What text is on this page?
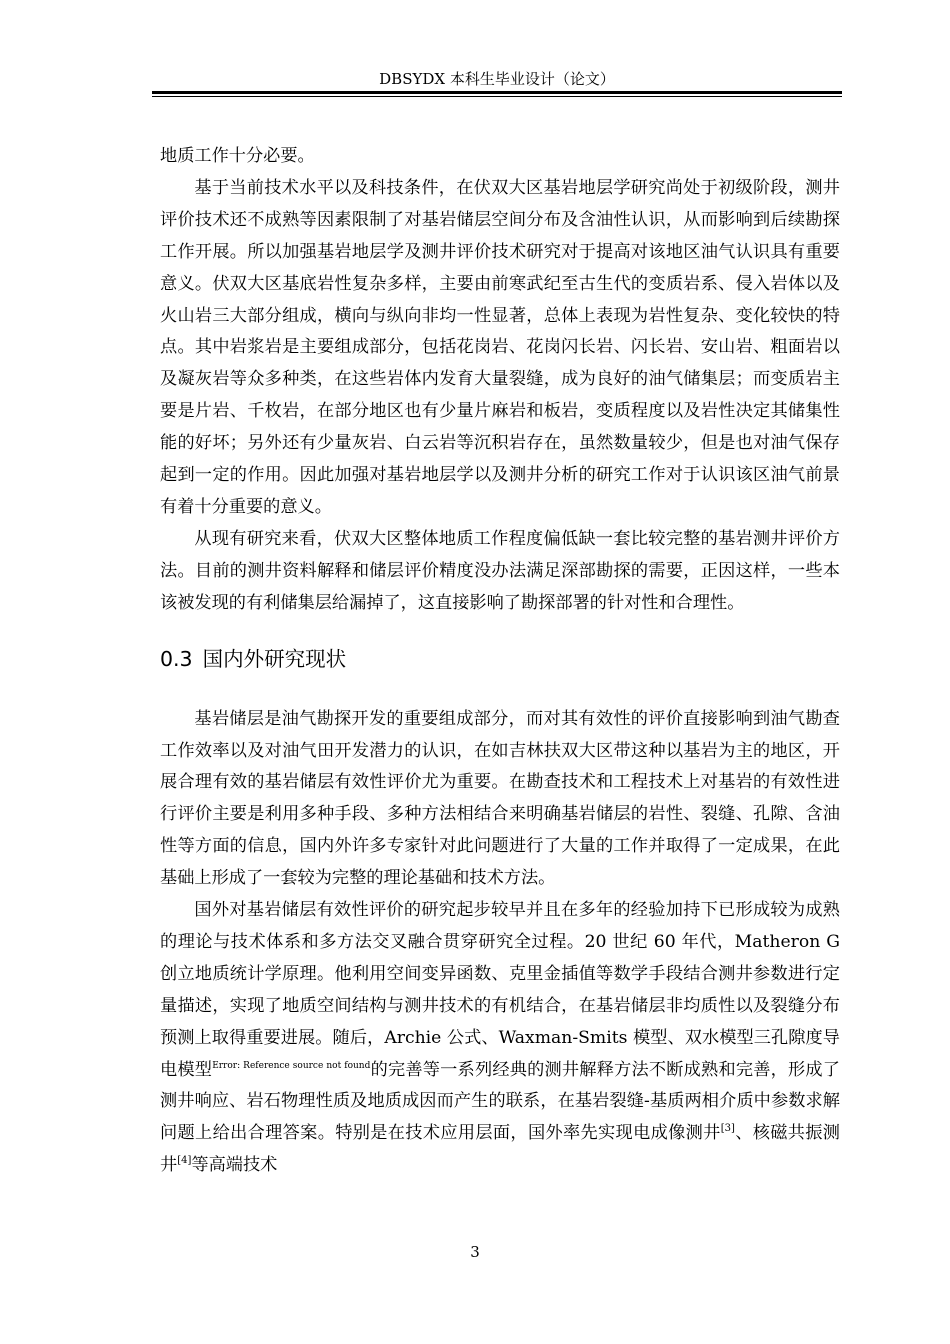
DBSYDX 本科生毕业设计（论文）

地质工作十分必要。

基于当前技术水平以及科技条件，在伏双大区基岩地层学研究尚处于初级阶段，测井评价技术还不成熟等因素限制了对基岩储层空间分布及含油性认识，从而影响到后续勘探工作开展。所以加强基岩地层学及测井评价技术研究对于提高对该地区油气认识具有重要意义。伏双大区基底岩性复杂多样，主要由前寒武纪至古生代的变质岩系、侵入岩体以及火山岩三大部分组成，横向与纵向非均一性显著，总体上表现为岩性复杂、变化较快的特点。其中岩浆岩是主要组成部分，包括花岗岩、花岗闪长岩、闪长岩、安山岩、粗面岩以及凝灰岩等众多种类，在这些岩体内发育大量裂缝，成为良好的油气储集层；而变质岩主要是片岩、千枚岩，在部分地区也有少量片麻岩和板岩，变质程度以及岩性决定其储集性能的好坏；另外还有少量灰岩、白云岩等沉积岩存在，虽然数量较少，但是也对油气保存起到一定的作用。因此加强对基岩地层学以及测井分析的研究工作对于认识该区油气前景有着十分重要的意义。

从现有研究来看，伏双大区整体地质工作程度偏低缺一套比较完整的基岩测井评价方法。目前的测井资料解释和储层评价精度没办法满足深部勘探的需要，正因这样，一些本该被发现的有利储集层给漏掉了，这直接影响了勘探部署的针对性和合理性。

0.3 国内外研究现状

基岩储层是油气勘探开发的重要组成部分，而对其有效性的评价直接影响到油气勘查工作效率以及对油气田开发潜力的认识，在如吉林扶双大区带这种以基岩为主的地区，开展合理有效的基岩储层有效性评价尤为重要。在勘查技术和工程技术上对基岩的有效性进行评价主要是利用多种手段、多种方法相结合来明确基岩储层的岩性、裂缝、孔隙、含油性等方面的信息，国内外许多专家针对此问题进行了大量的工作并取得了一定成果，在此基础上形成了一套较为完整的理论基础和技术方法。

国外对基岩储层有效性评价的研究起步较早并且在多年的经验加持下已形成较为成熟的理论与技术体系和多方法交叉融合贯穿研究全过程。20 世纪 60 年代，Matheron G 创立地质统计学原理。他利用空间变异函数、克里金插值等数学手段结合测井参数进行定量描述，实现了地质空间结构与测井技术的有机结合，在基岩储层非均质性以及裂缝分布预测上取得重要进展。随后，Archie 公式、Waxman-Smits 模型、双水模型三孔隙度导电模型$^{Error: Reference source not found}$的完善等一系列经典的测井解释方法不断成熟和完善，形成了测井响应、岩石物理性质及地质成因而产生的联系，在基岩裂缝-基质两相介质中参数求解问题上给出合理答案。特别是在技术应用层面，国外率先实现电成像测井[3]、核磁共振测井[4]等高端技术

3
